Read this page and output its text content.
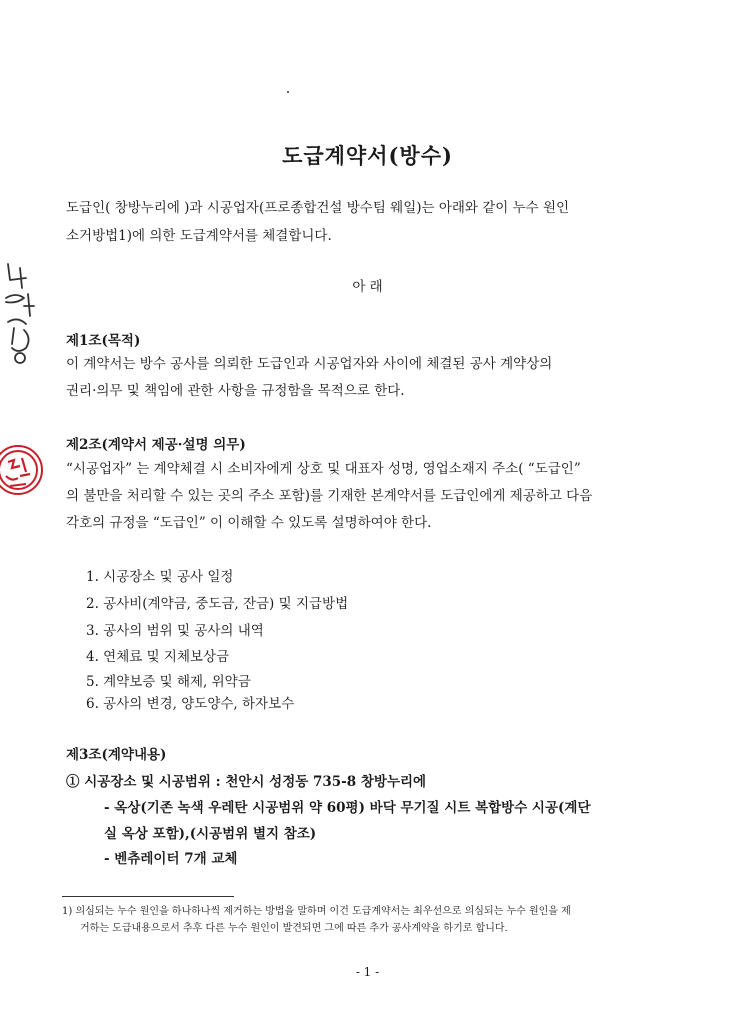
도급계약서(방수)
도급인( 창방누리에 )과 시공업자(프로종합건설 방수팀 웨일)는 아래와 같이 누수 원인
소거방법1)에 의한 도급계약서를 체결합니다.
아 래
제1조(목적)
이 계약서는 방수 공사를 의뢰한 도급인과 시공업자와 사이에 체결된 공사 계약상의
권리·의무 및 책임에 관한 사항을 규정함을 목적으로 한다.
제2조(계약서 제공·설명 의무)
“시공업자” 는 계약체결 시 소비자에게 상호 및 대표자 성명, 영업소재지 주소( “도급인”
의 불만을 처리할 수 있는 곳의 주소 포함)를 기재한 본계약서를 도급인에게 제공하고 다음
각호의 규정을 “도급인” 이 이해할 수 있도록 설명하여야 한다.
1. 시공장소 및 공사 일정
2. 공사비(계약금, 중도금, 잔금) 및 지급방법
3. 공사의 범위 및 공사의 내역
4. 연체료 및 지체보상금
5. 계약보증 및 해제, 위약금
6. 공사의 변경, 양도양수, 하자보수
제3조(계약내용)
① 시공장소 및 시공범위 : 천안시 성정동 735-8 창방누리에
- 옥상(기존 녹색 우레탄 시공범위 약 60평) 바닥 무기질 시트 복합방수 시공(계단
실 옥상 포함),(시공범위 별지 참조)
- 벤츄레이터 7개 교체
1) 의심되는 누수 원인을 하나하나씩 제거하는 방법을 말하며 이건 도급계약서는 최우선으로 의심되는 누수 원인을 제
거하는 도급내용으로서 추후 다른 누수 원인이 발견되면 그에 따른 추가 공사계약을 하기로 합니다.
- 1 -
